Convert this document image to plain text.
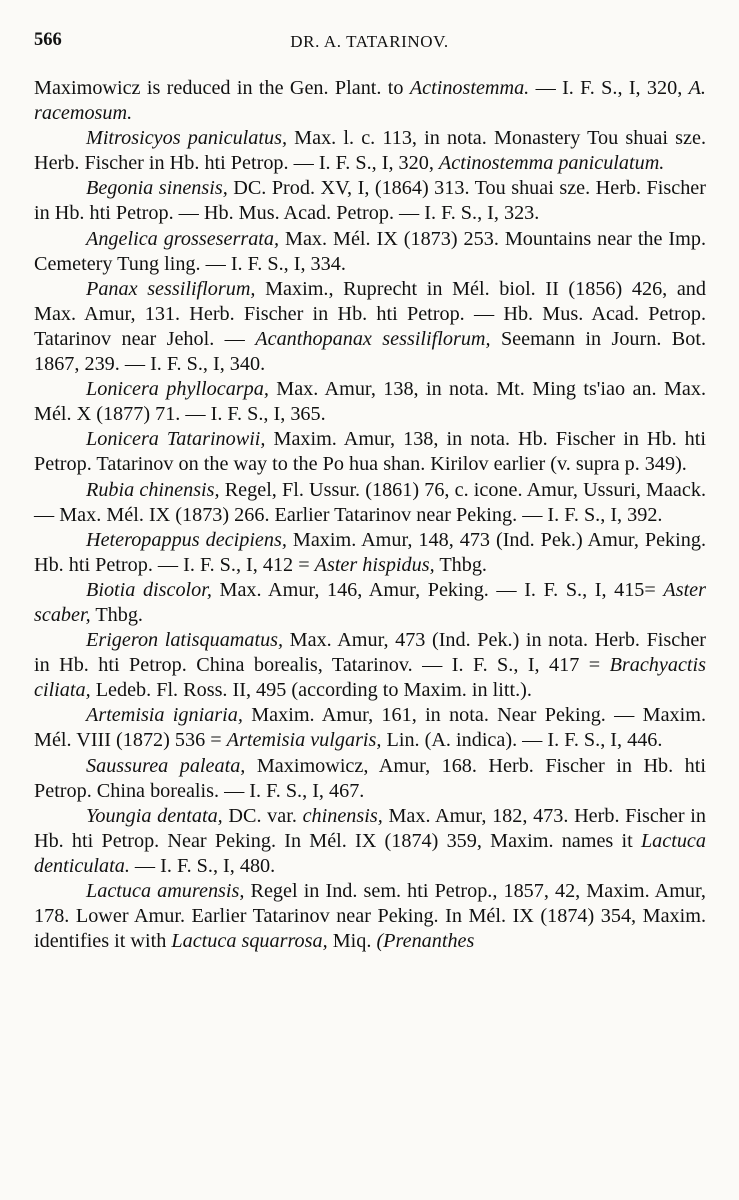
566	DR. A. TATARINOV.

Maximowicz is reduced in the Gen. Plant. to Actinostemma. — I. F. S., I, 320, A. racemosum.

Mitrosicyos paniculatus, Max. l. c. 113, in nota. Monastery Tou shuai sze. Herb. Fischer in Hb. hti Petrop. — I. F. S., I, 320, Actinostemma paniculatum.

Begonia sinensis, DC. Prod. XV, I, (1864) 313. Tou shuai sze. Herb. Fischer in Hb. hti Petrop. — Hb. Mus. Acad. Petrop. — I. F. S., I, 323.

Angelica grosseserrata, Max. Mél. IX (1873) 253. Mountains near the Imp. Cemetery Tung ling. — I. F. S., I, 334.

Panax sessiliflorum, Maxim., Ruprecht in Mél. biol. II (1856) 426, and Max. Amur, 131. Herb. Fischer in Hb. hti Petrop. — Hb. Mus. Acad. Petrop. Tatarinov near Jehol. — Acanthopanax sessiliflorum, Seemann in Journ. Bot. 1867, 239. — I. F. S., I, 340.

Lonicera phyllocarpa, Max. Amur, 138, in nota. Mt. Ming ts'iao an. Max. Mél. X (1877) 71. — I. F. S., I, 365.

Lonicera Tatarinowii, Maxim. Amur, 138, in nota. Hb. Fischer in Hb. hti Petrop. Tatarinov on the way to the Po hua shan. Kirilov earlier (v. supra p. 349).

Rubia chinensis, Regel, Fl. Ussur. (1861) 76, c. icone. Amur, Ussuri, Maack. — Max. Mél. IX (1873) 266. Earlier Tatarinov near Peking. — I. F. S., I, 392.

Heteropappus decipiens, Maxim. Amur, 148, 473 (Ind. Pek.) Amur, Peking. Hb. hti Petrop. — I. F. S., I, 412 = Aster hispidus, Thbg.

Biotia discolor, Max. Amur, 146, Amur, Peking. — I. F. S., I, 415= Aster scaber, Thbg.

Erigeron latisquamatus, Max. Amur, 473 (Ind. Pek.) in nota. Herb. Fischer in Hb. hti Petrop. China borealis, Tatarinov. — I. F. S., I, 417 = Brachyactis ciliata, Ledeb. Fl. Ross. II, 495 (according to Maxim. in litt.).

Artemisia igniaria, Maxim. Amur, 161, in nota. Near Peking. — Maxim. Mél. VIII (1872) 536 = Artemisia vulgaris, Lin. (A. indica). — I. F. S., I, 446.

Saussurea paleata, Maximowicz, Amur, 168. Herb. Fischer in Hb. hti Petrop. China borealis. — I. F. S., I, 467.

Youngia dentata, DC. var. chinensis, Max. Amur, 182, 473. Herb. Fischer in Hb. hti Petrop. Near Peking. In Mél. IX (1874) 359, Maxim. names it Lactuca denticulata. — I. F. S., I, 480.

Lactuca amurensis, Regel in Ind. sem. hti Petrop., 1857, 42, Maxim. Amur, 178. Lower Amur. Earlier Tatarinov near Peking. In Mél. IX (1874) 354, Maxim. identifies it with Lactuca squarrosa, Miq. (Prenanthes
